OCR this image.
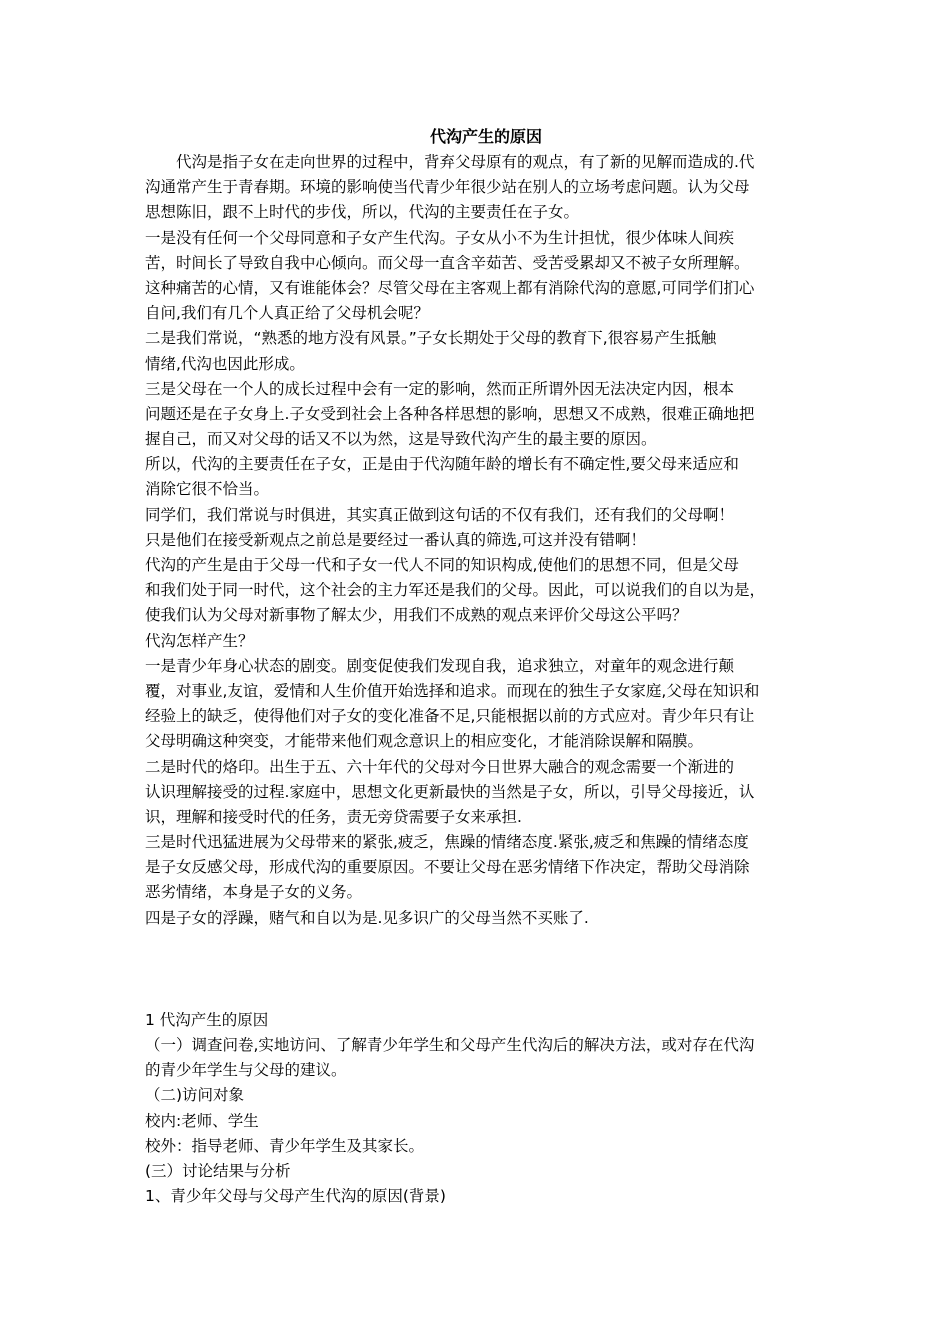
代沟产生的原因

　　代沟是指子女在走向世界的过程中，背弃父母原有的观点，有了新的见解而造成的.代
沟通常产生于青春期。环境的影响使当代青少年很少站在别人的立场考虑问题。认为父母
思想陈旧，跟不上时代的步伐，所以，代沟的主要责任在子女。
一是没有任何一个父母同意和子女产生代沟。子女从小不为生计担忧，很少体味人间疾
苦，时间长了导致自我中心倾向。而父母一直含辛茹苦、受苦受累却又不被子女所理解。
这种痛苦的心情，又有谁能体会？尽管父母在主客观上都有消除代沟的意愿,可同学们扪心
自问,我们有几个人真正给了父母机会呢？
二是我们常说，“熟悉的地方没有风景。”子女长期处于父母的教育下,很容易产生抵触
情绪,代沟也因此形成。
三是父母在一个人的成长过程中会有一定的影响，然而正所谓外因无法决定内因，根本
问题还是在子女身上.子女受到社会上各种各样思想的影响，思想又不成熟，很难正确地把
握自己，而又对父母的话又不以为然，这是导致代沟产生的最主要的原因。
所以，代沟的主要责任在子女，正是由于代沟随年龄的增长有不确定性,要父母来适应和
消除它很不恰当。
同学们，我们常说与时俱进，其实真正做到这句话的不仅有我们，还有我们的父母啊！
只是他们在接受新观点之前总是要经过一番认真的筛选,可这并没有错啊！
代沟的产生是由于父母一代和子女一代人不同的知识构成,使他们的思想不同，但是父母
和我们处于同一时代，这个社会的主力军还是我们的父母。因此，可以说我们的自以为是，
使我们认为父母对新事物了解太少，用我们不成熟的观点来评价父母这公平吗？
代沟怎样产生？
一是青少年身心状态的剧变。剧变促使我们发现自我，追求独立，对童年的观念进行颠
覆，对事业,友谊，爱情和人生价值开始选择和追求。而现在的独生子女家庭,父母在知识和
经验上的缺乏，使得他们对子女的变化准备不足,只能根据以前的方式应对。青少年只有让
父母明确这种突变，才能带来他们观念意识上的相应变化，才能消除误解和隔膜。
二是时代的烙印。出生于五、六十年代的父母对今日世界大融合的观念需要一个渐进的
认识理解接受的过程.家庭中，思想文化更新最快的当然是子女，所以，引导父母接近，认
识，理解和接受时代的任务，责无旁贷需要子女来承担.
三是时代迅猛进展为父母带来的紧张,疲乏，焦躁的情绪态度.紧张,疲乏和焦躁的情绪态度
是子女反感父母，形成代沟的重要原因。不要让父母在恶劣情绪下作决定，帮助父母消除
恶劣情绪，本身是子女的义务。
四是子女的浮躁，赌气和自以为是.见多识广的父母当然不买账了.
1 代沟产生的原因
（一）调查问卷,实地访问、了解青少年学生和父母产生代沟后的解决方法，或对存在代沟
的青少年学生与父母的建议。
（二)访问对象
校内:老师、学生
校外：指导老师、青少年学生及其家长。
(三）讨论结果与分析
1、青少年父母与父母产生代沟的原因(背景)
